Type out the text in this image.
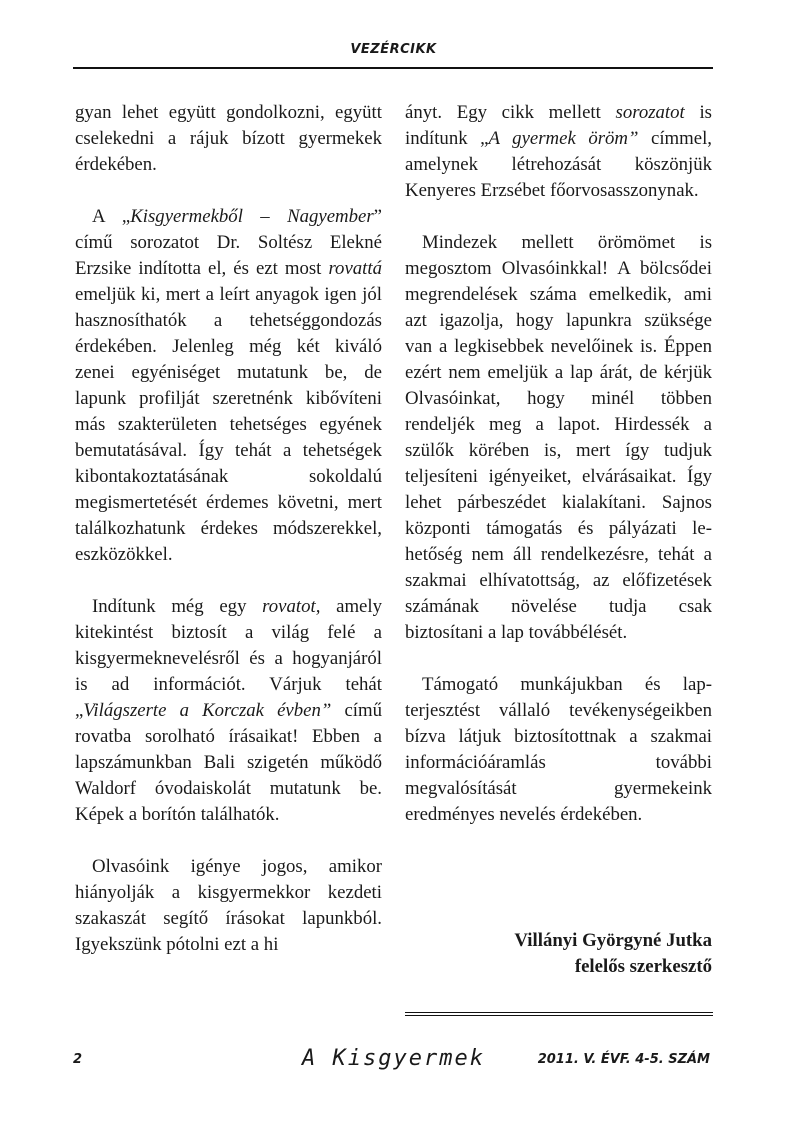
VEZÉRCIKK

gyan lehet együtt gondolkozni, együtt cselekedni a rájuk bízott gyermekek érdekében.

A „Kisgyermekből – Nagyember” című sorozatot Dr. Soltész Elekné Erzsike indította el, és ezt most rovattá emeljük ki, mert a leírt anyagok igen jól hasznosíthatók a tehetséggondozás érdekében. Jelenleg még két kiváló zenei egyéniséget mutatunk be, de lapunk profilját szeretnénk kibővíteni más szakterületen tehetséges egyének bemutatásával. Így tehát a tehetségek kibontakoztatásának sokoldalú megismertetését érdemes követni, mert találkozhatunk érdekes módszerekkel, eszközökkel.

Indítunk még egy rovatot, amely kitekintést biztosít a világ felé a kisgyermeknevelésről és a hogyanjáról is ad információt. Várjuk tehát „Világszerte a Korczak évben” című rovatba sorolható írásaikat! Ebben a lapszámunkban Bali szigetén működő Waldorf óvodaiskolát mutatunk be. Képek a borítón találhatók.

Olvasóink igénye jogos, amikor hiányolják a kisgyermekkor kezdeti szakaszát segítő írásokat lapunkból. Igyekszünk pótolni ezt a hi

ányt. Egy cikk mellett sorozatot is indítunk „A gyermek öröm” címmel, amelynek létrehozását köszönjük Kenyeres Erzsébet főorvosasszonynak.

Mindezek mellett örömömet is megosztom Olvasóinkkal! A bölcsődei megrendelések száma emelkedik, ami azt igazolja, hogy lapunkra szüksége van a legkisebbek nevelőinek is. Éppen ezért nem emeljük a lap árát, de kérjük Olvasóinkat, hogy minél többen rendeljék meg a lapot. Hirdessék a szülők körében is, mert így tudjuk teljesíteni igényeiket, elvárásaikat. Így lehet párbeszédet kialakítani. Sajnos központi támogatás és pályázati lehetőség nem áll rendelkezésre, tehát a szakmai elhívatottság, az előfizetések számának növelése tudja csak biztosítani a lap továbbélését.

Támogató munkájukban és lapterjesztést vállaló tevékenységeikben bízva látjuk biztosítottnak a szakmai információáramlás további megvalósítását gyermekeink eredményes nevelés érdekében.

Villányi Györgyné Jutka
felelős szerkesztő
2	A Kisgyermek	2011. V. ÉVF. 4-5. SZÁM
